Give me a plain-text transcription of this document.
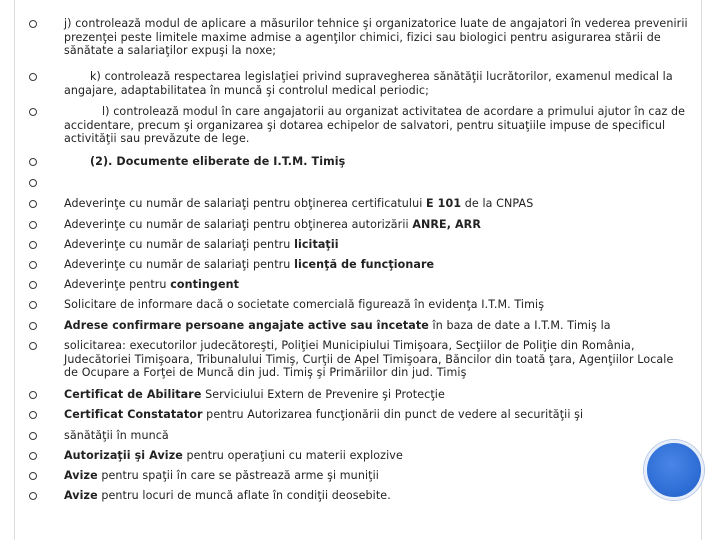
j) controlează modul de aplicare a măsurilor tehnice şi organizatorice luate de angajatori în vederea prevenirii prezenţei peste limitele maxime admise a agenţilor chimici, fizici sau biologici pentru asigurarea stării de sănătate a salariaţilor expuşi la noxe;
k) controlează respectarea legislaţiei privind supravegherea sănătăţii lucrătorilor, examenul medical la angajare, adaptabilitatea în muncă şi controlul medical periodic;
l) controlează modul în care angajatorii au organizat activitatea de acordare a primului ajutor în caz de accidentare, precum şi organizarea şi dotarea echipelor de salvatori, pentru situaţiile impuse de specificul activităţii sau prevăzute de lege.
(2). Documente eliberate de I.T.M. Timiş
Adeverinţe cu număr de salariaţi pentru obţinerea certificatului E 101 de la CNPAS
Adeverinţe cu număr de salariaţi pentru obţinerea autorizării ANRE, ARR
Adeverinţe cu număr de salariaţi pentru licitaţii
Adeverinţe cu număr de salariaţi pentru licenţă de funcţionare
Adeverinţe pentru contingent
Solicitare de informare dacă o societate comercială figurează în evidenţa I.T.M. Timiş
Adrese confirmare persoane angajate active sau încetate în baza de date a I.T.M. Timiş la
solicitarea: executorilor judecătoreşti, Poliţiei Municipiului Timişoara, Secţiilor de Poliţie din România, Judecătoriei Timişoara, Tribunalului Timiş, Curţii de Apel Timişoara, Băncilor din toată ţara, Agenţiilor Locale de Ocupare a Forţei de Muncă din jud. Timiş şi Primăriilor din jud. Timiş
Certificat de Abilitare Serviciului Extern de Prevenire şi Protecţie
Certificat Constatator pentru Autorizarea funcţionării din punct de vedere al securităţii şi
sănătăţii în muncă
Autorizaţii şi Avize pentru operaţiuni cu materii explozive
Avize pentru spaţii în care se păstrează arme şi muniţii
Avize pentru locuri de muncă aflate în condiţii deosebite.
